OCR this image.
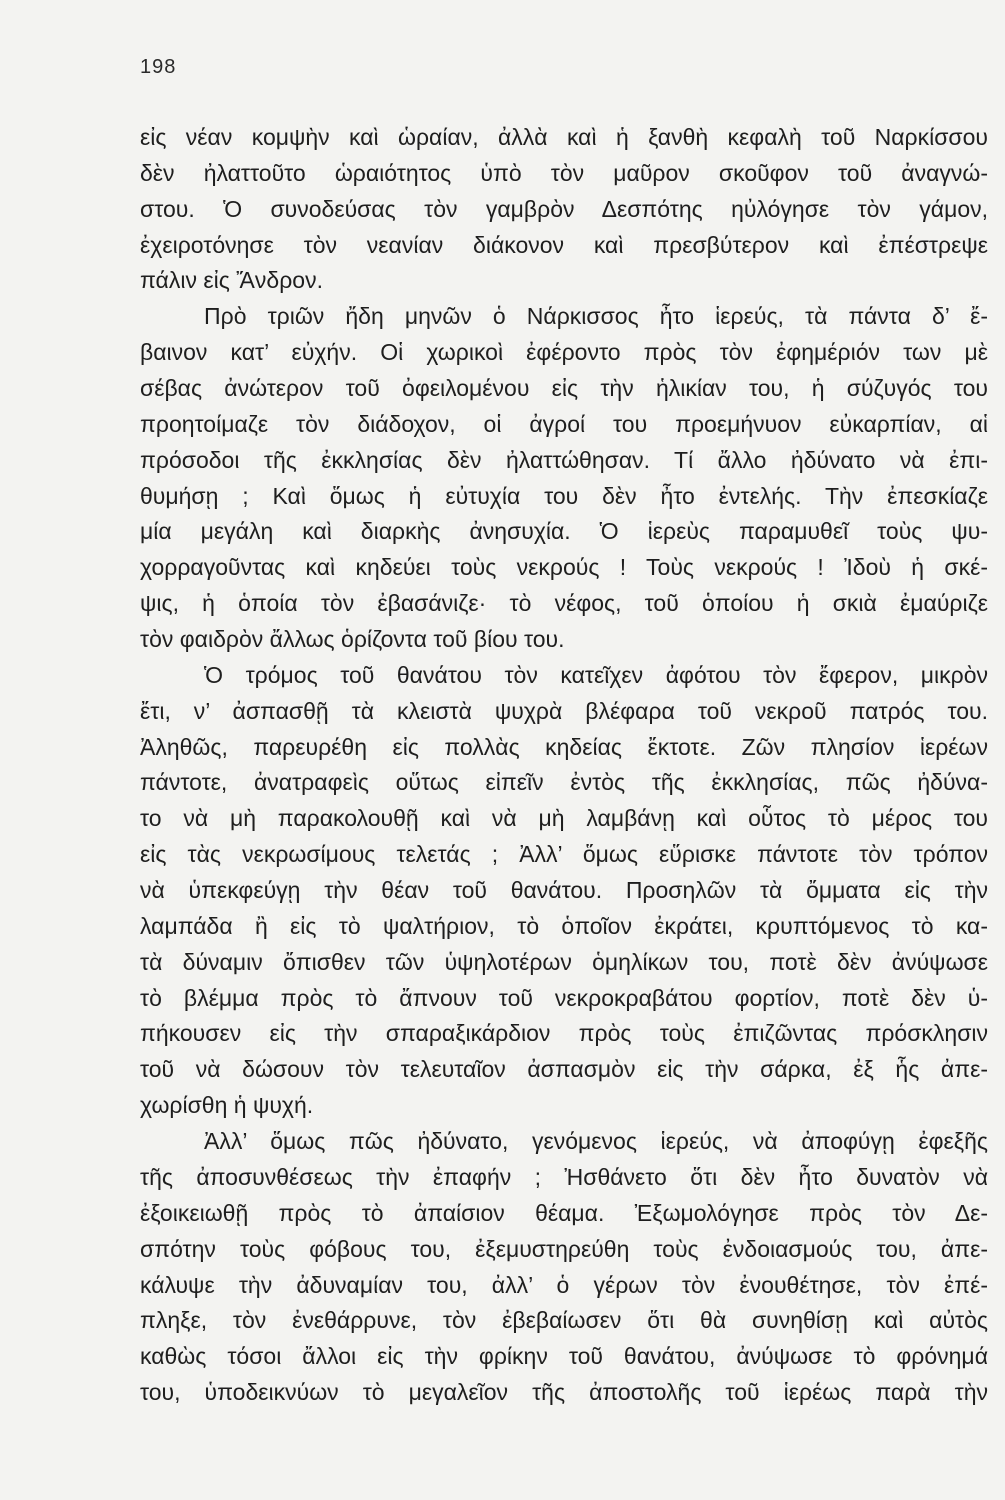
198
εἰς νέαν κομψὴν καὶ ὡραίαν, ἀλλὰ καὶ ἡ ξανθὴ κεφαλὴ τοῦ Ναρκίσσου
δὲν ἠλαττοῦτο ὡραιότητος ὑπὸ τὸν μαῦρον σκοῦφον τοῦ ἀναγνώ-
στου. Ὁ συνοδεύσας τὸν γαμβρὸν Δεσπότης ηὐλόγησε τὸν γάμον,
ἐχειροτόνησε τὸν νεανίαν διάκονον καὶ πρεσβύτερον καὶ ἐπέστρεψε
πάλιν εἰς Ἄνδρον.
Πρὸ τριῶν ἤδη μηνῶν ὁ Νάρκισσος ἦτο ἱερεύς, τὰ πάντα δ’ ἔ-
βαινον κατ’ εὐχήν. Οἱ χωρικοὶ ἐφέροντο πρὸς τὸν ἐφημέριόν των μὲ
σέβας ἀνώτερον τοῦ ὀφειλομένου εἰς τὴν ἡλικίαν του, ἡ σύζυγός του
προητοίμαζε τὸν διάδοχον, οἱ ἀγροί του προεμήνυον εὐκαρπίαν, αἱ
πρόσοδοι τῆς ἐκκλησίας δὲν ἠλαττώθησαν. Τί ἄλλο ἠδύνατο νὰ ἐπι-
θυμήσῃ ; Καὶ ὅμως ἡ εὐτυχία του δὲν ἦτο ἐντελής. Τὴν ἐπεσκίαζε
μία μεγάλη καὶ διαρκὴς ἀνησυχία. Ὁ ἱερεὺς παραμυθεῖ τοὺς ψυ-
χορραγοῦντας καὶ κηδεύει τοὺς νεκρούς ! Τοὺς νεκρούς ! Ἰδοὺ ἡ σκέ-
ψις, ἡ ὁποία τὸν ἐβασάνιζε· τὸ νέφος, τοῦ ὁποίου ἡ σκιὰ ἐμαύριζε
τὸν φαιδρὸν ἄλλως ὁρίζοντα τοῦ βίου του.
Ὁ τρόμος τοῦ θανάτου τὸν κατεῖχεν ἀφότου τὸν ἔφερον, μικρὸν
ἔτι, ν’ ἀσπασθῇ τὰ κλειστὰ ψυχρὰ βλέφαρα τοῦ νεκροῦ πατρός του.
Ἀληθῶς, παρευρέθη εἰς πολλὰς κηδείας ἔκτοτε. Ζῶν πλησίον ἱερέων
πάντοτε, ἀνατραφεὶς οὕτως εἰπεῖν ἐντὸς τῆς ἐκκλησίας, πῶς ἠδύνα-
το νὰ μὴ παρακολουθῇ καὶ νὰ μὴ λαμβάνῃ καὶ οὗτος τὸ μέρος του
εἰς τὰς νεκρωσίμους τελετάς ; Ἀλλ’ ὅμως εὕρισκε πάντοτε τὸν τρόπον
νὰ ὑπεκφεύγῃ τὴν θέαν τοῦ θανάτου. Προσηλῶν τὰ ὄμματα εἰς τὴν
λαμπάδα ἢ εἰς τὸ ψαλτήριον, τὸ ὁποῖον ἐκράτει, κρυπτόμενος τὸ κα-
τὰ δύναμιν ὄπισθεν τῶν ὑψηλοτέρων ὁμηλίκων του, ποτὲ δὲν ἀνύψωσε
τὸ βλέμμα πρὸς τὸ ἄπνουν τοῦ νεκροκραβάτου φορτίον, ποτὲ δὲν ὑ-
πήκουσεν εἰς τὴν σπαραξικάρδιον πρὸς τοὺς ἐπιζῶντας πρόσκλησιν
τοῦ νὰ δώσουν τὸν τελευταῖον ἀσπασμὸν εἰς τὴν σάρκα, ἐξ ἧς ἀπε-
χωρίσθη ἡ ψυχή.
Ἀλλ’ ὅμως πῶς ἠδύνατο, γενόμενος ἱερεύς, νὰ ἀποφύγῃ ἐφεξῆς
τῆς ἀποσυνθέσεως τὴν ἐπαφήν ; Ἠσθάνετο ὅτι δὲν ἦτο δυνατὸν νὰ
ἐξοικειωθῇ πρὸς τὸ ἀπαίσιον θέαμα. Ἐξωμολόγησε πρὸς τὸν Δε-
σπότην τοὺς φόβους του, ἐξεμυστηρεύθη τοὺς ἐνδοιασμούς του, ἀπε-
κάλυψε τὴν ἀδυναμίαν του, ἀλλ’ ὁ γέρων τὸν ἐνουθέτησε, τὸν ἐπέ-
πληξε, τὸν ἐνεθάρρυνε, τὸν ἐβεβαίωσεν ὅτι θὰ συνηθίσῃ καὶ αὐτὸς
καθὼς τόσοι ἄλλοι εἰς τὴν φρίκην τοῦ θανάτου, ἀνύψωσε τὸ φρόνημά
του, ὑποδεικνύων τὸ μεγαλεῖον τῆς ἀποστολῆς τοῦ ἱερέως παρὰ τὴν
